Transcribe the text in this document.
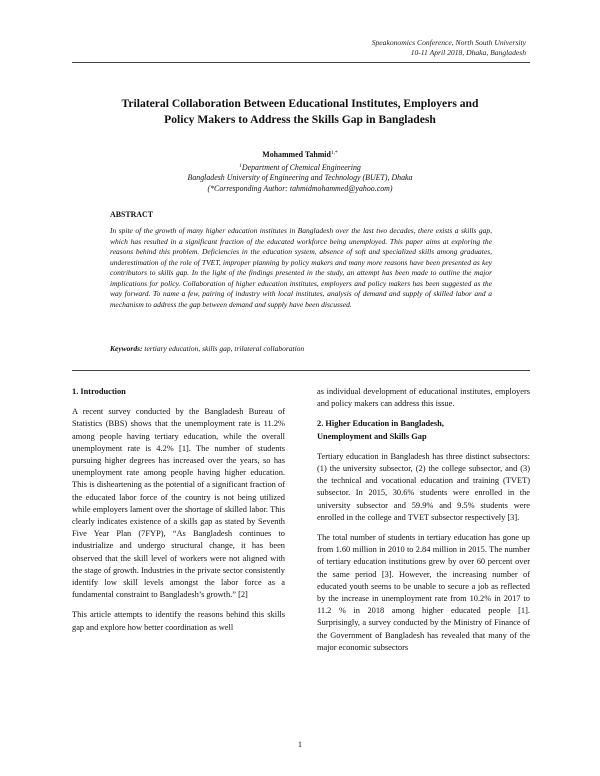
Speakonomics Conference, North South University
10-11 April 2018, Dhaka, Bangladesh
Trilateral Collaboration Between Educational Institutes, Employers and
Policy Makers to Address the Skills Gap in Bangladesh
Mohammed Tahmid$^{1,*}$
$^1$Department of Chemical Engineering
Bangladesh University of Engineering and Technology (BUET), Dhaka
(*Corresponding Author: tahmidmohammed@yahoo.com)
ABSTRACT
In spite of the growth of many higher education institutes in Bangladesh over the last two decades, there exists a skills gap, which has resulted in a significant fraction of the educated workforce being unemployed. This paper aims at exploring the reasons behind this problem. Deficiencies in the education system, absence of soft and specialized skills among graduates, underestimation of the role of TVET, improper planning by policy makers and many more reasons have been presented as key contributors to skills gap. In the light of the findings presented in the study, an attempt has been made to outline the major implications for policy. Collaboration of higher education institutes, employers and policy makers has been suggested as the way forward. To name a few, pairing of industry with local institutes, analysis of demand and supply of skilled labor and a mechanism to address the gap between demand and supply have been discussed.
Keywords: tertiary education, skills gap, trilateral collaboration
1. Introduction

A recent survey conducted by the Bangladesh Bureau of Statistics (BBS) shows that the unemployment rate is 11.2% among people having tertiary education, while the overall unemployment rate is 4.2% [1]. The number of students pursuing higher degrees has increased over the years, so has unemployment rate among people having higher education. This is disheartening as the potential of a significant fraction of the educated labor force of the country is not being utilized while employers lament over the shortage of skilled labor. This clearly indicates existence of a skills gap as stated by Seventh Five Year Plan (7FYP), “As Bangladesh continues to industrialize and undergo structural change, it has been observed that the skill level of workers were not aligned with the stage of growth. Industries in the private sector consistently identify low skill levels amongst the labor force as a fundamental constraint to Bangladesh’s growth.” [2]

This article attempts to identify the reasons behind this skills gap and explore how better coordination as well

as individual development of educational institutes, employers and policy makers can address this issue.

2. Higher Education in Bangladesh,
Unemployment and Skills Gap

Tertiary education in Bangladesh has three distinct subsectors: (1) the university subsector, (2) the college subsector, and (3) the technical and vocational education and training (TVET) subsector. In 2015, 30.6% students were enrolled in the university subsector and 59.9% and 9.5% students were enrolled in the college and TVET subsector respectively [3].

The total number of students in tertiary education has gone up from 1.60 million in 2010 to 2.84 million in 2015. The number of tertiary education institutions grew by over 60 percent over the same period [3]. However, the increasing number of educated youth seems to be unable to secure a job as reflected by the increase in unemployment rate from 10.2% in 2017 to 11.2 % in 2018 among higher educated people [1]. Surprisingly, a survey conducted by the Ministry of Finance of the Government of Bangladesh has revealed that many of the major economic subsectors

1
